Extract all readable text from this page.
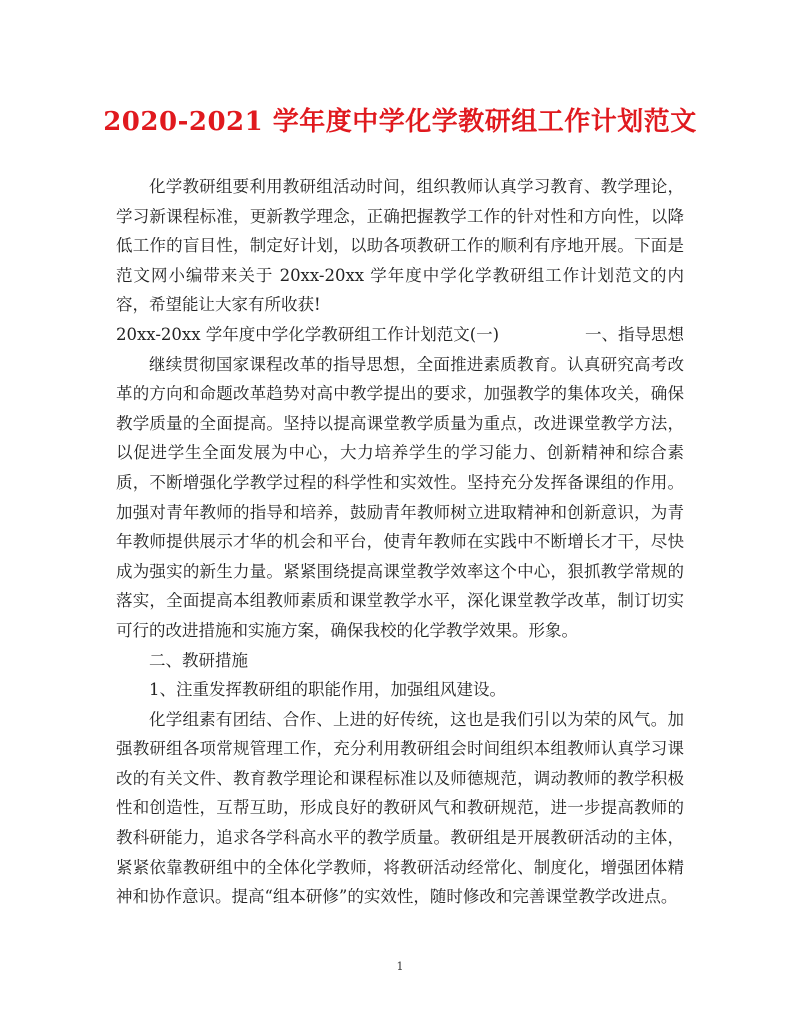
2020-2021 学年度中学化学教研组工作计划范文

化学教研组要利用教研组活动时间，组织教师认真学习教育、教学理论，学习新课程标准，更新教学理念，正确把握教学工作的针对性和方向性，以降低工作的盲目性，制定好计划，以助各项教研工作的顺利有序地开展。下面是范文网小编带来关于 20xx-20xx 学年度中学化学教研组工作计划范文的内容，希望能让大家有所收获!

20xx-20xx 学年度中学化学教研组工作计划范文(一)	一、指导思想

继续贯彻国家课程改革的指导思想，全面推进素质教育。认真研究高考改革的方向和命题改革趋势对高中教学提出的要求，加强教学的集体攻关，确保教学质量的全面提高。坚持以提高课堂教学质量为重点，改进课堂教学方法，以促进学生全面发展为中心，大力培养学生的学习能力、创新精神和综合素质，不断增强化学教学过程的科学性和实效性。坚持充分发挥备课组的作用。加强对青年教师的指导和培养，鼓励青年教师树立进取精神和创新意识，为青年教师提供展示才华的机会和平台，使青年教师在实践中不断增长才干，尽快成为强实的新生力量。紧紧围绕提高课堂教学效率这个中心，狠抓教学常规的落实，全面提高本组教师素质和课堂教学水平，深化课堂教学改革，制订切实可行的改进措施和实施方案，确保我校的化学教学效果。形象。

二、教研措施

1、注重发挥教研组的职能作用，加强组风建设。

化学组素有团结、合作、上进的好传统，这也是我们引以为荣的风气。加强教研组各项常规管理工作，充分利用教研组会时间组织本组教师认真学习课改的有关文件、教育教学理论和课程标准以及师德规范，调动教师的教学积极性和创造性，互帮互助，形成良好的教研风气和教研规范，进一步提高教师的教科研能力，追求各学科高水平的教学质量。教研组是开展教研活动的主体，紧紧依靠教研组中的全体化学教师，将教研活动经常化、制度化，增强团体精神和协作意识。提高“组本研修”的实效性，随时修改和完善课堂教学改进点。

1
